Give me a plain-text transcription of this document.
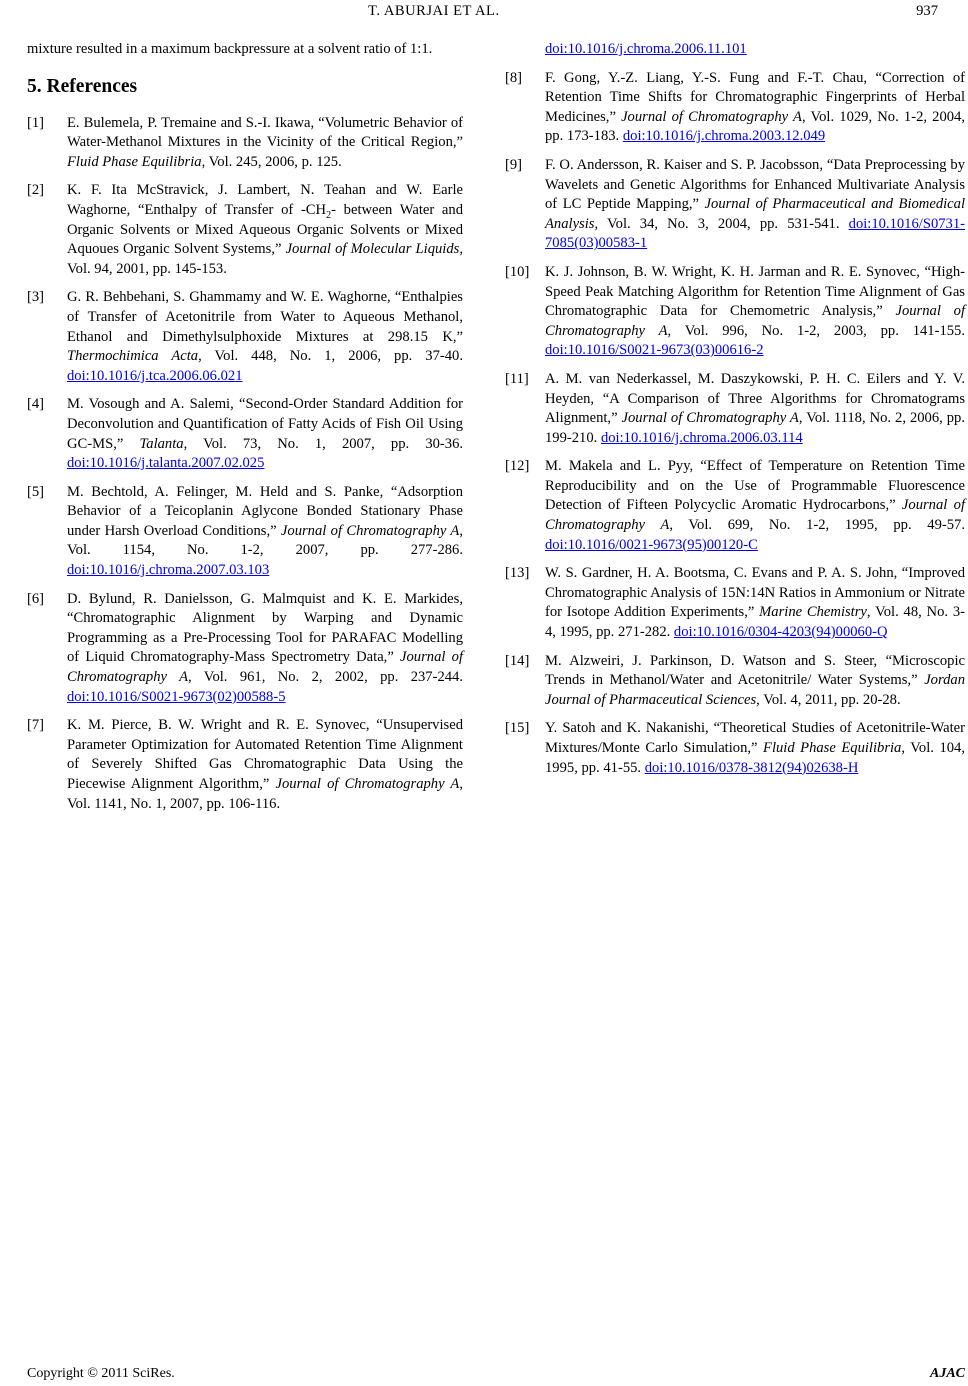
T. ABURJAI ET AL.	937

mixture resulted in a maximum backpressure at a solvent ratio of 1:1.

5. References
[1] E. Bulemela, P. Tremaine and S.-I. Ikawa, “Volumetric Behavior of Water-Methanol Mixtures in the Vicinity of the Critical Region,” Fluid Phase Equilibria, Vol. 245, 2006, p. 125.
[2] K. F. Ita McStravick, J. Lambert, N. Teahan and W. Earle Waghorne, “Enthalpy of Transfer of $-CH_2-$ between Water and Organic Solvents or Mixed Aqueous Organic Solvents or Mixed Aquoues Organic Solvent Systems,” Journal of Molecular Liquids, Vol. 94, 2001, pp. 145-153.
[3] G. R. Behbehani, S. Ghammamy and W. E. Waghorne, “Enthalpies of Transfer of Acetonitrile from Water to Aqueous Methanol, Ethanol and Dimethylsulphoxide Mixtures at 298.15 K,” Thermochimica Acta, Vol. 448, No. 1, 2006, pp. 37-40. doi:10.1016/j.tca.2006.06.021
[4] M. Vosough and A. Salemi, “Second-Order Standard Addition for Deconvolution and Quantification of Fatty Acids of Fish Oil Using GC-MS,” Talanta, Vol. 73, No. 1, 2007, pp. 30-36. doi:10.1016/j.talanta.2007.02.025
[5] M. Bechtold, A. Felinger, M. Held and S. Panke, “Adsorption Behavior of a Teicoplanin Aglycone Bonded Stationary Phase under Harsh Overload Conditions,” Journal of Chromatography A, Vol. 1154, No. 1-2, 2007, pp. 277-286. doi:10.1016/j.chroma.2007.03.103
[6] D. Bylund, R. Danielsson, G. Malmquist and K. E. Markides, “Chromatographic Alignment by Warping and Dynamic Programming as a Pre-Processing Tool for PARAFAC Modelling of Liquid Chromatography-Mass Spectrometry Data,” Journal of Chromatography A, Vol. 961, No. 2, 2002, pp. 237-244. doi:10.1016/S0021-9673(02)00588-5
[7] K. M. Pierce, B. W. Wright and R. E. Synovec, “Unsupervised Parameter Optimization for Automated Retention Time Alignment of Severely Shifted Gas Chromatographic Data Using the Piecewise Alignment Algorithm,” Journal of Chromatography A, Vol. 1141, No. 1, 2007, pp. 106-116.
doi:10.1016/j.chroma.2006.11.101
[8] F. Gong, Y.-Z. Liang, Y.-S. Fung and F.-T. Chau, “Correction of Retention Time Shifts for Chromatographic Fingerprints of Herbal Medicines,” Journal of Chromatography A, Vol. 1029, No. 1-2, 2004, pp. 173-183. doi:10.1016/j.chroma.2003.12.049
[9] F. O. Andersson, R. Kaiser and S. P. Jacobsson, “Data Preprocessing by Wavelets and Genetic Algorithms for Enhanced Multivariate Analysis of LC Peptide Mapping,” Journal of Pharmaceutical and Biomedical Analysis, Vol. 34, No. 3, 2004, pp. 531-541. doi:10.1016/S0731-7085(03)00583-1
[10] K. J. Johnson, B. W. Wright, K. H. Jarman and R. E. Synovec, “High-Speed Peak Matching Algorithm for Retention Time Alignment of Gas Chromatographic Data for Chemometric Analysis,” Journal of Chromatography A, Vol. 996, No. 1-2, 2003, pp. 141-155. doi:10.1016/S0021-9673(03)00616-2
[11] A. M. van Nederkassel, M. Daszykowski, P. H. C. Eilers and Y. V. Heyden, “A Comparison of Three Algorithms for Chromatograms Alignment,” Journal of Chromatography A, Vol. 1118, No. 2, 2006, pp. 199-210. doi:10.1016/j.chroma.2006.03.114
[12] M. Makela and L. Pyy, “Effect of Temperature on Retention Time Reproducibility and on the Use of Programmable Fluorescence Detection of Fifteen Polycyclic Aromatic Hydrocarbons,” Journal of Chromatography A, Vol. 699, No. 1-2, 1995, pp. 49-57. doi:10.1016/0021-9673(95)00120-C
[13] W. S. Gardner, H. A. Bootsma, C. Evans and P. A. S. John, “Improved Chromatographic Analysis of 15N:14N Ratios in Ammonium or Nitrate for Isotope Addition Experiments,” Marine Chemistry, Vol. 48, No. 3-4, 1995, pp. 271-282. doi:10.1016/0304-4203(94)00060-Q
[14] M. Alzweiri, J. Parkinson, D. Watson and S. Steer, “Microscopic Trends in Methanol/Water and Acetonitrile/ Water Systems,” Jordan Journal of Pharmaceutical Sciences, Vol. 4, 2011, pp. 20-28.
[15] Y. Satoh and K. Nakanishi, “Theoretical Studies of Acetonitrile-Water Mixtures/Monte Carlo Simulation,” Fluid Phase Equilibria, Vol. 104, 1995, pp. 41-55. doi:10.1016/0378-3812(94)02638-H
Copyright © 2011 SciRes.	AJAC
